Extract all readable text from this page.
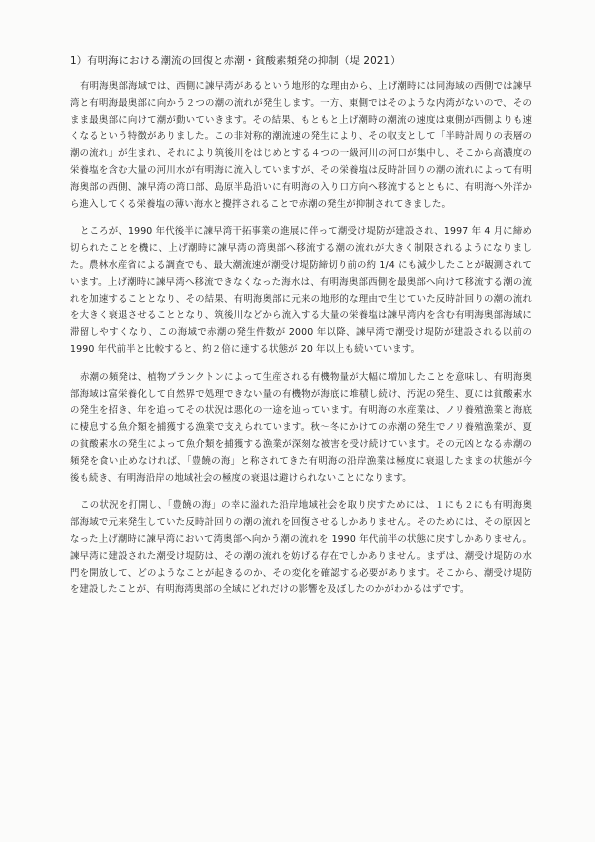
1）有明海における潮流の回復と赤潮・貧酸素頻発の抑制（堤 2021）

有明海奥部海域では、西側に諫早湾があるという地形的な理由から、上げ潮時には同海域の西側では諫早湾と有明海最奥部に向かう２つの潮の流れが発生します。一方、東側ではそのような内湾がないので、そのまま最奥部に向けて潮が動いていきます。その結果、もともと上げ潮時の潮流の速度は東側が西側よりも速くなるという特徴がありました。この非対称的潮流速の発生により、その収支として「半時計周りの表層の潮の流れ」が生まれ、それにより筑後川をはじめとする４つの一級河川の河口が集中し、そこから高濃度の栄養塩を含む大量の河川水が有明海に流入していますが、その栄養塩は反時計回りの潮の流れによって有明海奥部の西側、諫早湾の湾口部、島原半島沿いに有明海の入り口方向へ移流するとともに、有明海へ外洋から進入してくる栄養塩の薄い海水と攪拌されることで赤潮の発生が抑制されてきました。

ところが、1990 年代後半に諫早湾干拓事業の進展に伴って潮受け堤防が建設され、1997 年 4 月に締め切られたことを機に、上げ潮時に諫早湾の湾奥部へ移流する潮の流れが大きく制限されるようになりました。農林水産省による調査でも、最大潮流速が潮受け堤防締切り前の約 1/4 にも減少したことが観測されています。上げ潮時に諫早湾へ移流できなくなった海水は、有明海奥部西側を最奥部へ向けて移流する潮の流れを加速することとなり、その結果、有明海奥部に元来の地形的な理由で生じていた反時計回りの潮の流れを大きく衰退させることとなり、筑後川などから流入する大量の栄養塩は諫早湾内を含む有明海奥部海域に滞留しやすくなり、この海域で赤潮の発生件数が 2000 年以降、諫早湾で潮受け堤防が建設される以前の 1990 年代前半と比較すると、約２倍に達する状態が 20 年以上も続いています。

赤潮の頻発は、植物プランクトンによって生産される有機物量が大幅に増加したことを意味し、有明海奥部海域は富栄養化して自然界で処理できない量の有機物が海底に堆積し続け、汚泥の発生、夏には貧酸素水の発生を招き、年を追ってその状況は悪化の一途を辿っています。有明海の水産業は、ノリ養殖漁業と海底に棲息する魚介類を捕獲する漁業で支えられています。秋～冬にかけての赤潮の発生でノリ養殖漁業が、夏の貧酸素水の発生によって魚介類を捕獲する漁業が深刻な被害を受け続けています。その元凶となる赤潮の頻発を食い止めなければ、「豊饒の海」と称されてきた有明海の沿岸漁業は極度に衰退したままの状態が今後も続き、有明海沿岸の地域社会の極度の衰退は避けられないことになります。

この状況を打開し、「豊饒の海」の幸に溢れた沿岸地域社会を取り戻すためには、１にも２にも有明海奥部海域で元来発生していた反時計回りの潮の流れを回復させるしかありません。そのためには、その原因となった上げ潮時に諫早湾において湾奥部へ向かう潮の流れを 1990 年代前半の状態に戻すしかありません。諫早湾に建設された潮受け堤防は、その潮の流れを妨げる存在でしかありません。まずは、潮受け堤防の水門を開放して、どのようなことが起きるのか、その変化を確認する必要があります。そこから、潮受け堤防を建設したことが、有明海湾奥部の全域にどれだけの影響を及ぼしたのかがわかるはずです。
